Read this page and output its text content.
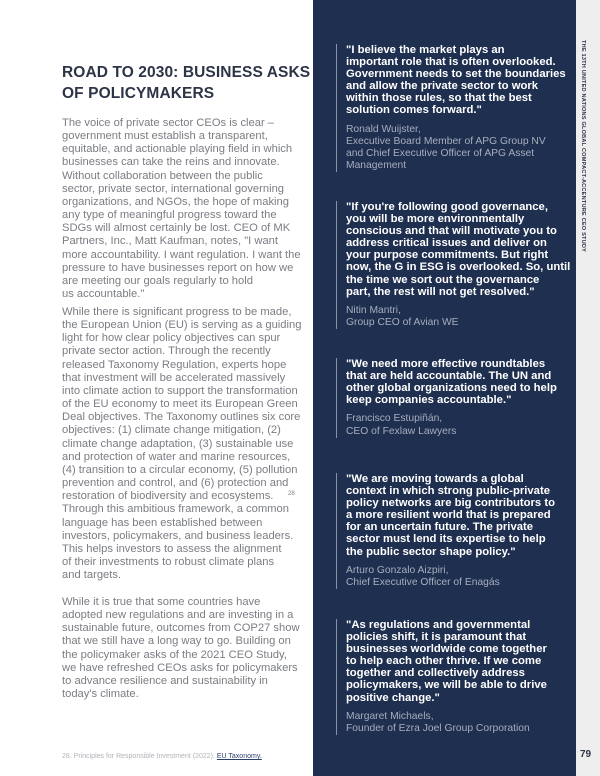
ROAD TO 2030: BUSINESS ASKS
OF POLICYMAKERS
The voice of private sector CEOs is clear –
government must establish a transparent,
equitable, and actionable playing field in which
businesses can take the reins and innovate.
Without collaboration between the public
sector, private sector, international governing
organizations, and NGOs, the hope of making
any type of meaningful progress toward the
SDGs will almost certainly be lost. CEO of MK
Partners, Inc., Matt Kaufman, notes, "I want
more accountability. I want regulation. I want the
pressure to have businesses report on how we
are meeting our goals regularly to hold
us accountable."
While there is significant progress to be made,
the European Union (EU) is serving as a guiding
light for how clear policy objectives can spur
private sector action. Through the recently
released Taxonomy Regulation, experts hope
that investment will be accelerated massively
into climate action to support the transformation
of the EU economy to meet its European Green
Deal objectives. The Taxonomy outlines six core
objectives: (1) climate change mitigation, (2)
climate change adaptation, (3) sustainable use
and protection of water and marine resources,
(4) transition to a circular economy, (5) pollution
prevention and control, and (6) protection and
restoration of biodiversity and ecosystems.	28
Through this ambitious framework, a common
language has been established between
investors, policymakers, and business leaders.
This helps investors to assess the alignment
of their investments to robust climate plans
and targets.
While it is true that some countries have
adopted new regulations and are investing in a
sustainable future, outcomes from COP27 show
that we still have a long way to go. Building on
the policymaker asks of the 2021 CEO Study,
we have refreshed CEOs asks for policymakers
to advance resilience and sustainability in
today's climate.
THE 13TH UNITED NATIONS GLOBAL COMPACT-ACCENTURE CEO STUDY
"I believe the market plays an
important role that is often overlooked.
Government needs to set the boundaries
and allow the private sector to work
within those rules, so that the best
solution comes forward."
Ronald Wuijster,
Executive Board Member of APG Group NV
and Chief Executive Officer of APG Asset
Management
"If you're following good governance,
you will be more environmentally
conscious and that will motivate you to
address critical issues and deliver on
your purpose commitments. But right
now, the G in ESG is overlooked. So, until
the time we sort out the governance
part, the rest will not get resolved."
Nitin Mantri,
Group CEO of Avian WE
"We need more effective roundtables
that are held accountable. The UN and
other global organizations need to help
keep companies accountable."
Francisco Estupiñán,
CEO of Fexlaw Lawyers
"We are moving towards a global
context in which strong public-private
policy networks are big contributors to
a more resilient world that is prepared
for an uncertain future. The private
sector must lend its expertise to help
the public sector shape policy."
Arturo Gonzalo Aizpiri,
Chief Executive Officer of Enagás
"As regulations and governmental
policies shift, it is paramount that
businesses worldwide come together
to help each other thrive. If we come
together and collectively address
policymakers, we will be able to drive
positive change."
Margaret Michaels,
Founder of Ezra Joel Group Corporation
28. Principles for Responsible Investment (2022). EU Taxonomy.	79
